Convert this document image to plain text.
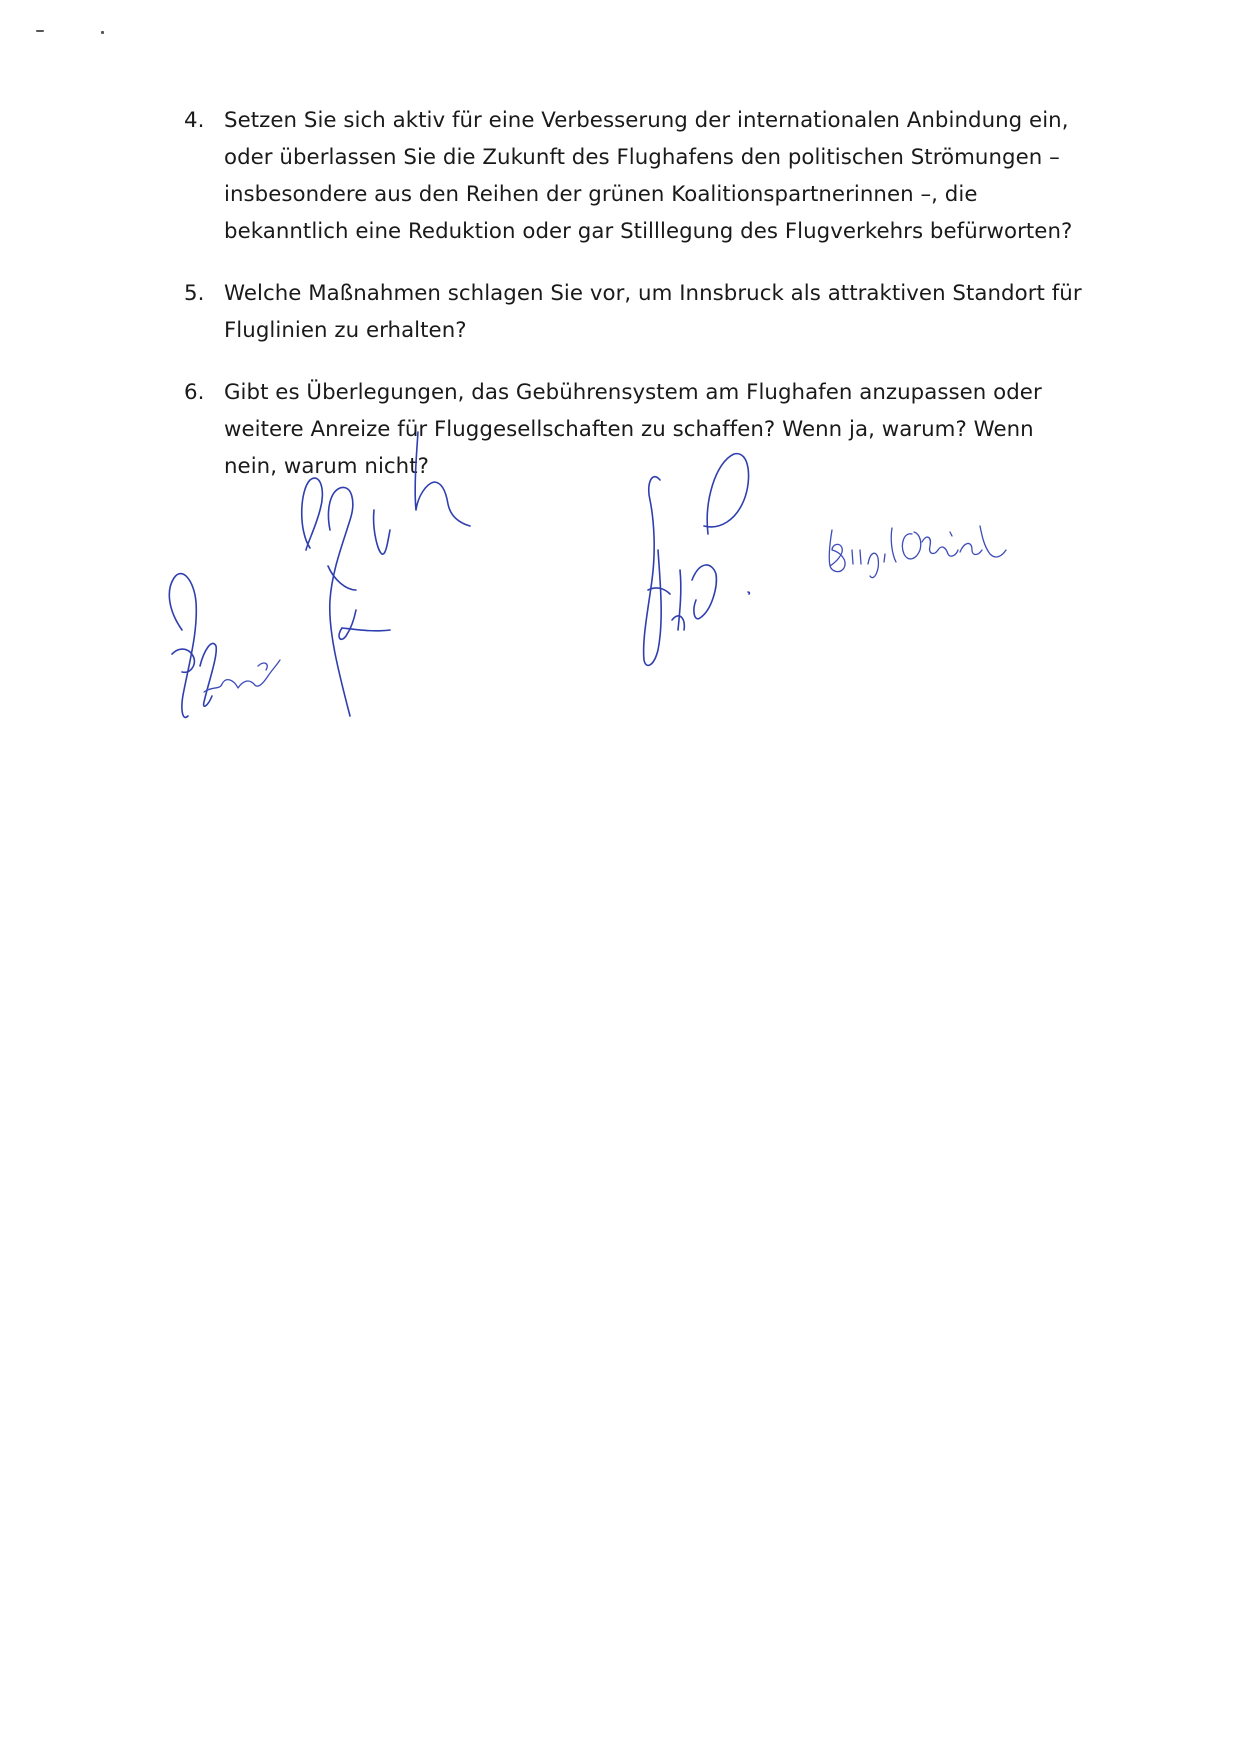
4. Setzen Sie sich aktiv für eine Verbesserung der internationalen Anbindung ein,
oder überlassen Sie die Zukunft des Flughafens den politischen Strömungen –
insbesondere aus den Reihen der grünen Koalitionspartnerinnen –, die
bekanntlich eine Reduktion oder gar Stilllegung des Flugverkehrs befürworten?
5. Welche Maßnahmen schlagen Sie vor, um Innsbruck als attraktiven Standort für
Fluglinien zu erhalten?
6. Gibt es Überlegungen, das Gebührensystem am Flughafen anzupassen oder
weitere Anreize für Fluggesellschaften zu schaffen? Wenn ja, warum? Wenn
nein, warum nicht?
